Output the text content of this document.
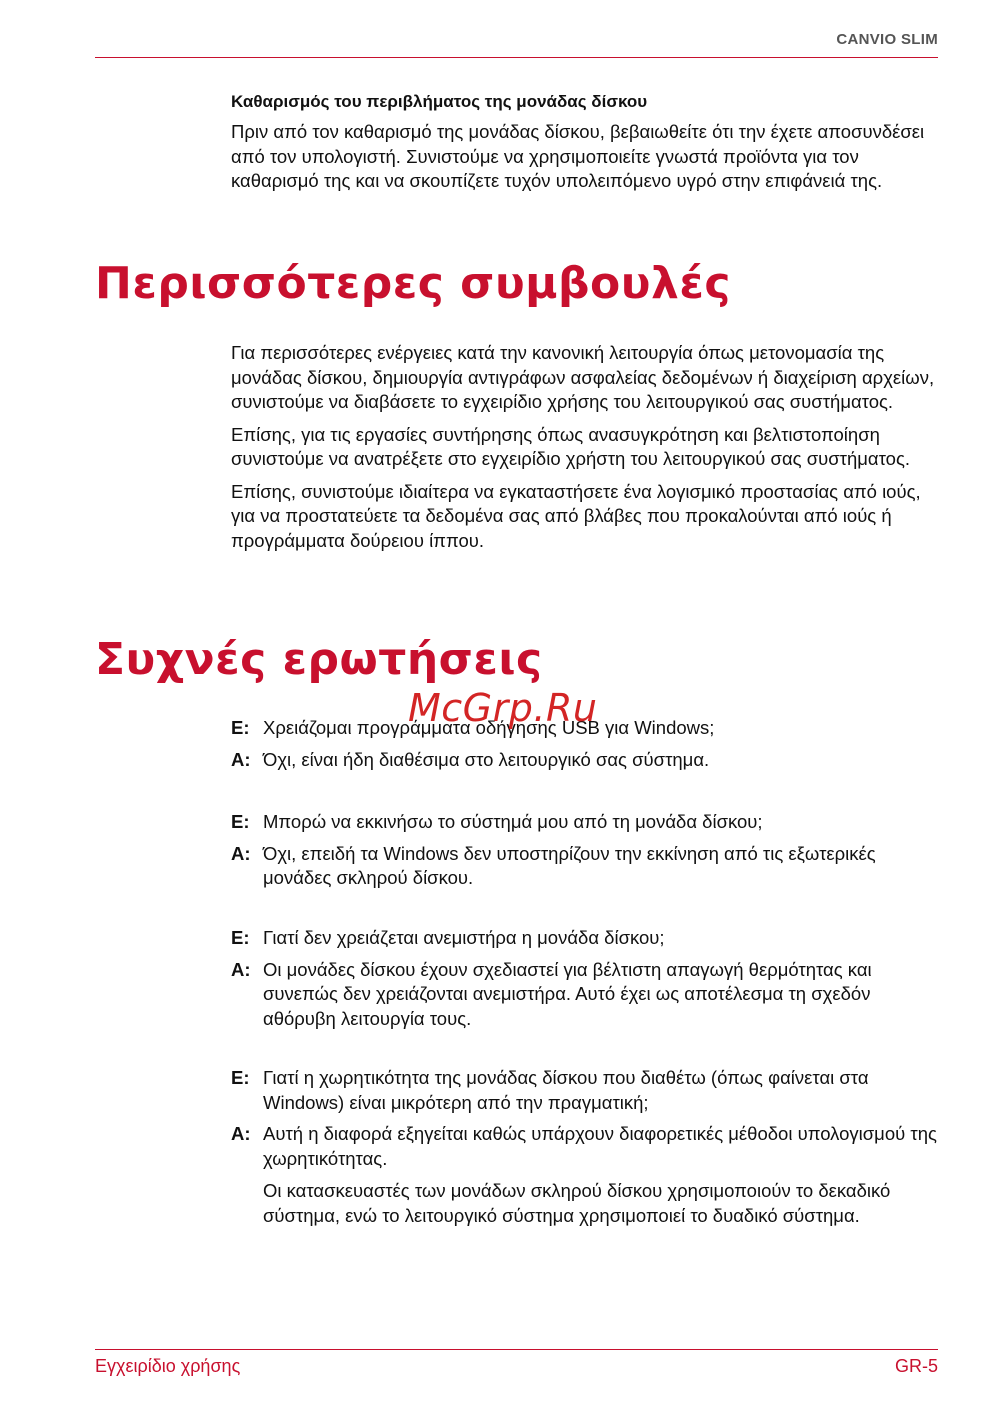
CANVIO SLIM
Καθαρισμός του περιβλήματος της μονάδας δίσκου

Πριν από τον καθαρισμό της μονάδας δίσκου, βεβαιωθείτε ότι την έχετε αποσυνδέσει από τον υπολογιστή. Συνιστούμε να χρησιμοποιείτε γνωστά προϊόντα για τον καθαρισμό της και να σκουπίζετε τυχόν υπολειπόμενο υγρό στην επιφάνειά της.

Περισσότερες συμβουλές

Για περισσότερες ενέργειες κατά την κανονική λειτουργία όπως μετονομασία της μονάδας δίσκου, δημιουργία αντιγράφων ασφαλείας δεδομένων ή διαχείριση αρχείων, συνιστούμε να διαβάσετε το εγχειρίδιο χρήσης του λειτουργικού σας συστήματος.

Επίσης, για τις εργασίες συντήρησης όπως ανασυγκρότηση και βελτιστοποίηση συνιστούμε να ανατρέξετε στο εγχειρίδιο χρήστη του λειτουργικού σας συστήματος.

Επίσης, συνιστούμε ιδιαίτερα να εγκαταστήσετε ένα λογισμικό προστασίας από ιούς, για να προστατεύετε τα δεδομένα σας από βλάβες που προκαλούνται από ιούς ή προγράμματα δούρειου ίππου.

Συχνές ερωτήσεις
Ε: Χρειάζομαι προγράμματα οδήγησης USB για Windows;
Α: Όχι, είναι ήδη διαθέσιμα στο λειτουργικό σας σύστημα.
Ε: Μπορώ να εκκινήσω το σύστημά μου από τη μονάδα δίσκου;
Α: Όχι, επειδή τα Windows δεν υποστηρίζουν την εκκίνηση από τις εξωτερικές μονάδες σκληρού δίσκου.
Ε: Γιατί δεν χρειάζεται ανεμιστήρα η μονάδα δίσκου;
Α: Οι μονάδες δίσκου έχουν σχεδιαστεί για βέλτιστη απαγωγή θερμότητας και συνεπώς δεν χρειάζονται ανεμιστήρα. Αυτό έχει ως αποτέλεσμα τη σχεδόν αθόρυβη λειτουργία τους.
Ε: Γιατί η χωρητικότητα της μονάδας δίσκου που διαθέτω (όπως φαίνεται στα Windows) είναι μικρότερη από την πραγματική;
Α: Αυτή η διαφορά εξηγείται καθώς υπάρχουν διαφορετικές μέθοδοι υπολογισμού της χωρητικότητας.
Οι κατασκευαστές των μονάδων σκληρού δίσκου χρησιμοποιούν το δεκαδικό σύστημα, ενώ το λειτουργικό σύστημα χρησιμοποιεί το δυαδικό σύστημα.
McGrp.Ru
Εγχειρίδιο χρήσης	GR-5
